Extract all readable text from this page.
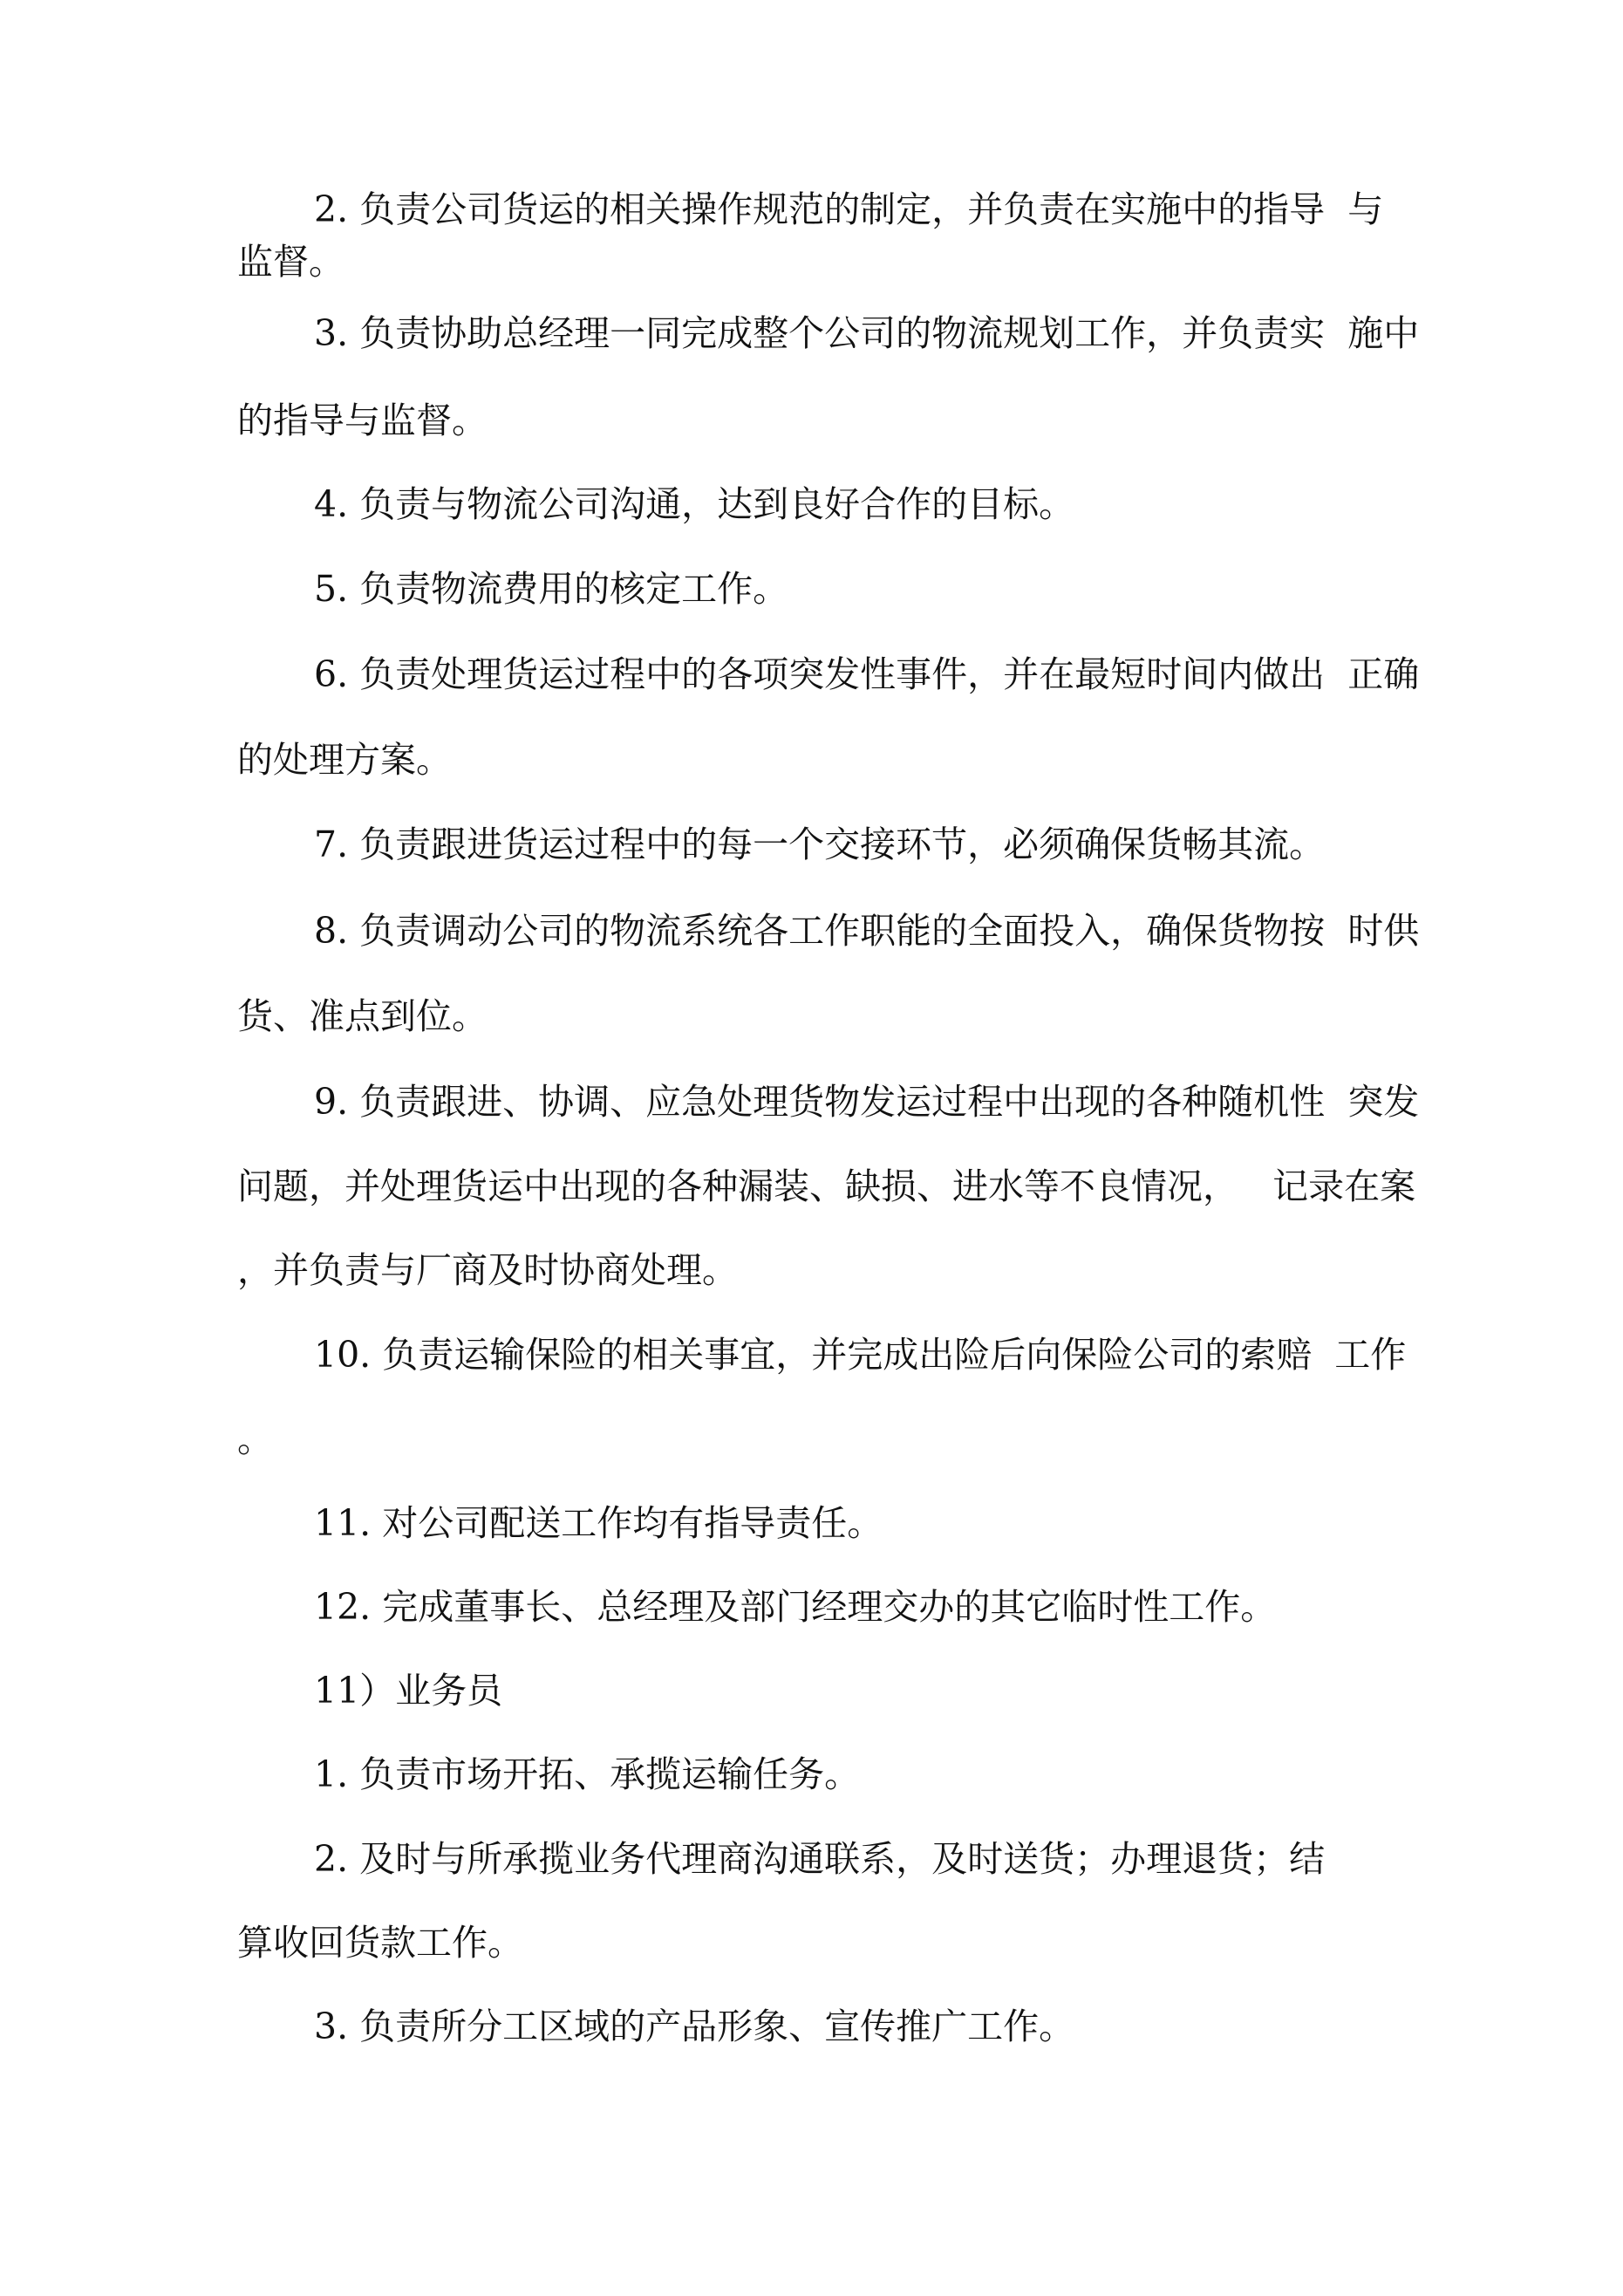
2. 负责公司货运的相关操作规范的制定，并负责在实施中的指导  与
监督。
3. 负责协助总经理一同完成整个公司的物流规划工作，并负责实  施中
的指导与监督。
4. 负责与物流公司沟通，达到良好合作的目标。
5. 负责物流费用的核定工作。
6. 负责处理货运过程中的各项突发性事件，并在最短时间内做出  正确
的处理方案。
7. 负责跟进货运过程中的每一个交接环节，必须确保货畅其流。
8. 负责调动公司的物流系统各工作职能的全面投入，确保货物按  时供
货、准点到位。
9. 负责跟进、协调、应急处理货物发运过程中出现的各种随机性  突发
问题，并处理货运中出现的各种漏装、缺损、进水等不良情况，   记录在案
，并负责与厂商及时协商处理。
10. 负责运输保险的相关事宜，并完成出险后向保险公司的索赔  工作
。
11. 对公司配送工作均有指导责任。
12. 完成董事长、总经理及部门经理交办的其它临时性工作。
11）业务员
1. 负责市场开拓、承揽运输任务。
2. 及时与所承揽业务代理商沟通联系，及时送货；办理退货；结
算收回货款工作。
3. 负责所分工区域的产品形象、宣传推广工作。
